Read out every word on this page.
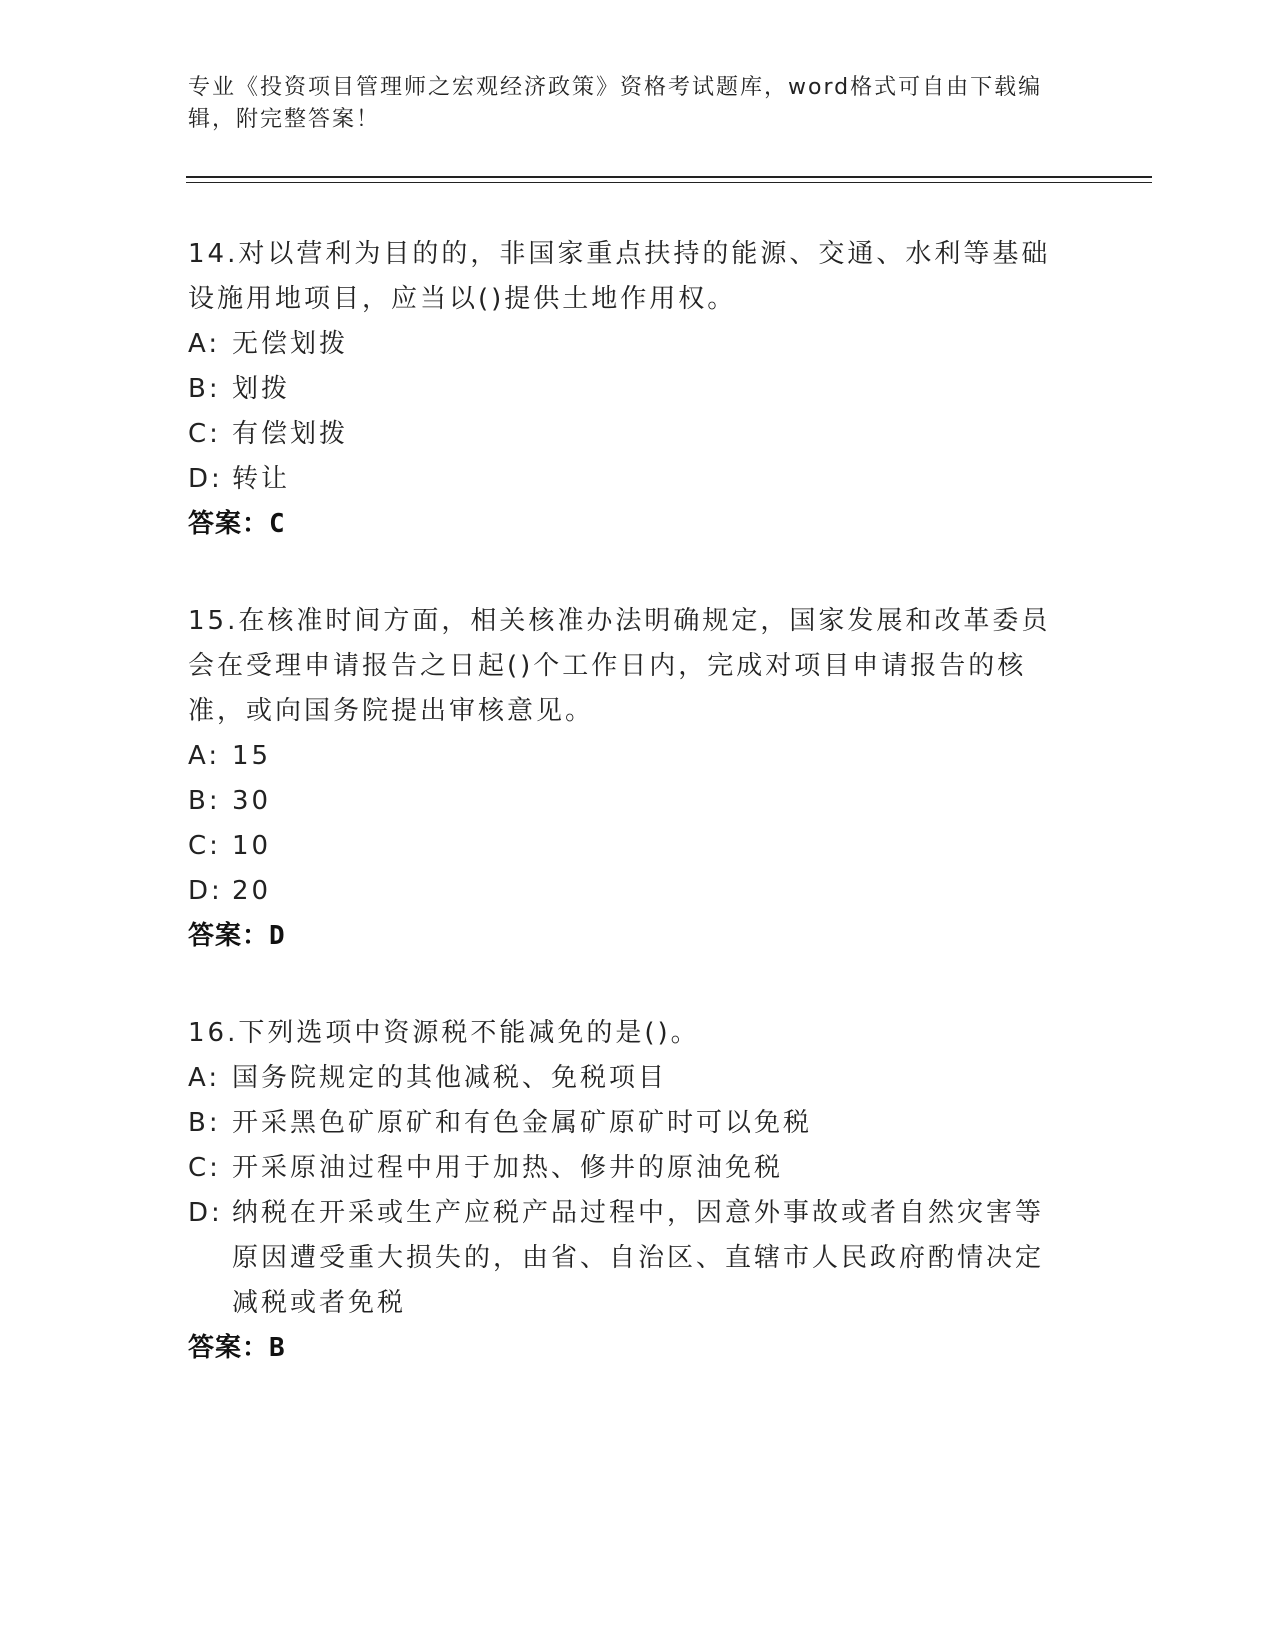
专业《投资项目管理师之宏观经济政策》资格考试题库，word格式可自由下载编辑，附完整答案！

14.对以营利为目的的，非国家重点扶持的能源、交通、水利等基础设施用地项目，应当以()提供土地作用权。

A: 无偿划拨

B: 划拨

C: 有偿划拨

D: 转让

答案：C

15.在核准时间方面，相关核准办法明确规定，国家发展和改革委员会在受理申请报告之日起()个工作日内，完成对项目申请报告的核准，或向国务院提出审核意见。

A: 15

B: 30

C: 10

D: 20

答案：D

16.下列选项中资源税不能减免的是()。

A: 国务院规定的其他减税、免税项目

B: 开采黑色矿原矿和有色金属矿原矿时可以免税

C: 开采原油过程中用于加热、修井的原油免税

D: 纳税在开采或生产应税产品过程中，因意外事故或者自然灾害等原因遭受重大损失的，由省、自治区、直辖市人民政府酌情决定减税或者免税

答案：B
